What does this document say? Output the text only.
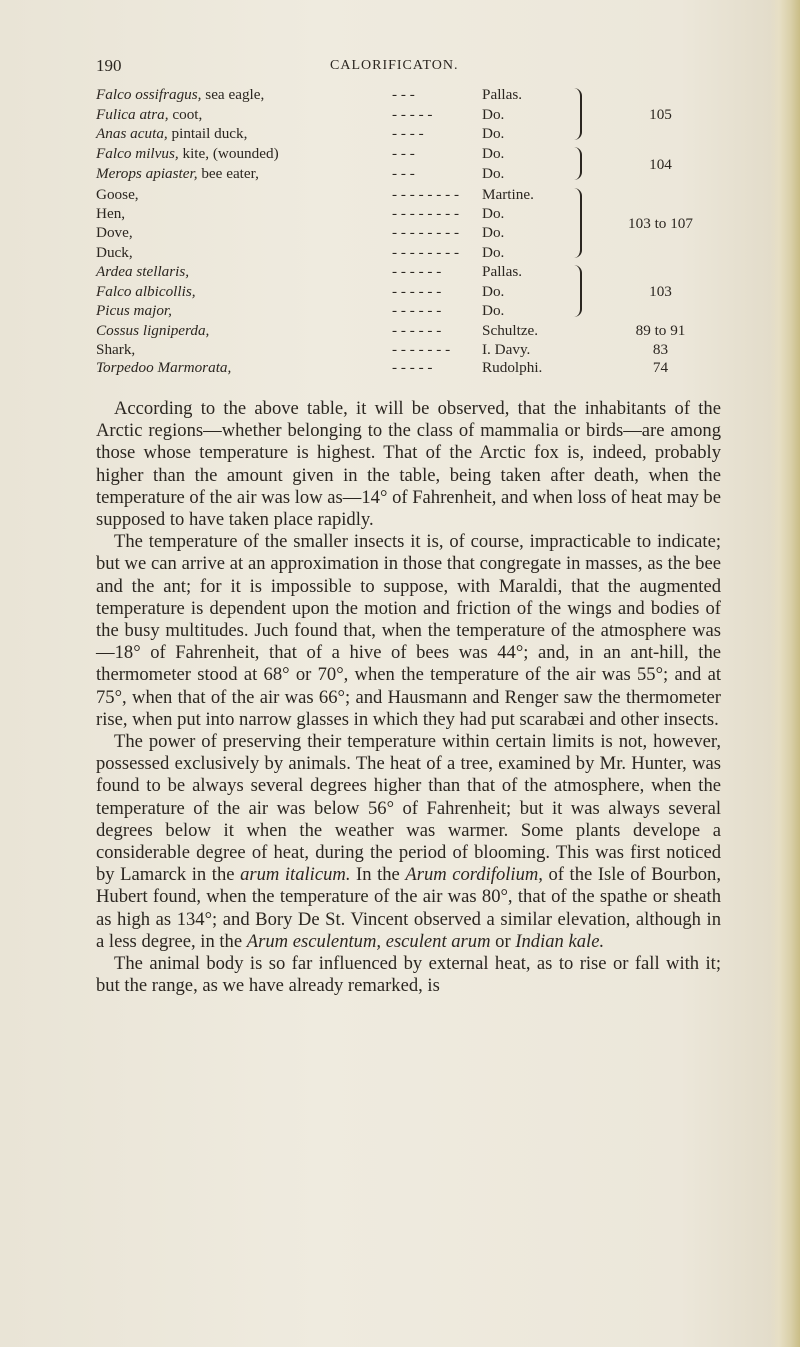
190	CALORIFICATON.
Falco ossifragus, sea eagle,	- - -	Pallas.		105
Fulica atra, coot,	- - - - -	Do.		
Anas acuta, pintail duck,	- - - -	Do.		
Falco milvus, kite, (wounded)	- - -	Do.		104
Merops apiaster, bee eater,	- - -	Do.		
Goose,	- - - - - - - -	Martine.		103 to 107
Hen,	- - - - - - - -	Do.		
Dove,	- - - - - - - -	Do.		
Duck,	- - - - - - - -	Do.		
Ardea stellaris,	- - - - - -	Pallas.		103
Falco albicollis,	- - - - - -	Do.		
Picus major,	- - - - - -	Do.		
Cossus ligniperda,	- - - - - -	Schultze.		89 to 91
Shark,	- - - - - - -	I. Davy.		83
Torpedoo Marmorata,	- - - - -	Rudolphi.		74

According to the above table, it will be observed, that the inhabitants of the Arctic regions—whether belonging to the class of mammalia or birds—are among those whose temperature is highest. That of the Arctic fox is, indeed, probably higher than the amount given in the table, being taken after death, when the temperature of the air was low as—14° of Fahrenheit, and when loss of heat may be supposed to have taken place rapidly.

The temperature of the smaller insects it is, of course, impracticable to indicate; but we can arrive at an approximation in those that congregate in masses, as the bee and the ant; for it is impossible to suppose, with Maraldi, that the augmented temperature is dependent upon the motion and friction of the wings and bodies of the busy multitudes. Juch found that, when the temperature of the atmosphere was—18° of Fahrenheit, that of a hive of bees was 44°; and, in an ant-hill, the thermometer stood at 68° or 70°, when the temperature of the air was 55°; and at 75°, when that of the air was 66°; and Hausmann and Renger saw the thermometer rise, when put into narrow glasses in which they had put scarabæi and other insects.

The power of preserving their temperature within certain limits is not, however, possessed exclusively by animals. The heat of a tree, examined by Mr. Hunter, was found to be always several degrees higher than that of the atmosphere, when the temperature of the air was below 56° of Fahrenheit; but it was always several degrees below it when the weather was warmer. Some plants develope a considerable degree of heat, during the period of blooming. This was first noticed by Lamarck in the arum italicum. In the Arum cordifolium, of the Isle of Bourbon, Hubert found, when the temperature of the air was 80°, that of the spathe or sheath as high as 134°; and Bory De St. Vincent observed a similar elevation, although in a less degree, in the Arum esculentum, esculent arum or Indian kale.

The animal body is so far influenced by external heat, as to rise or fall with it; but the range, as we have already remarked, is
